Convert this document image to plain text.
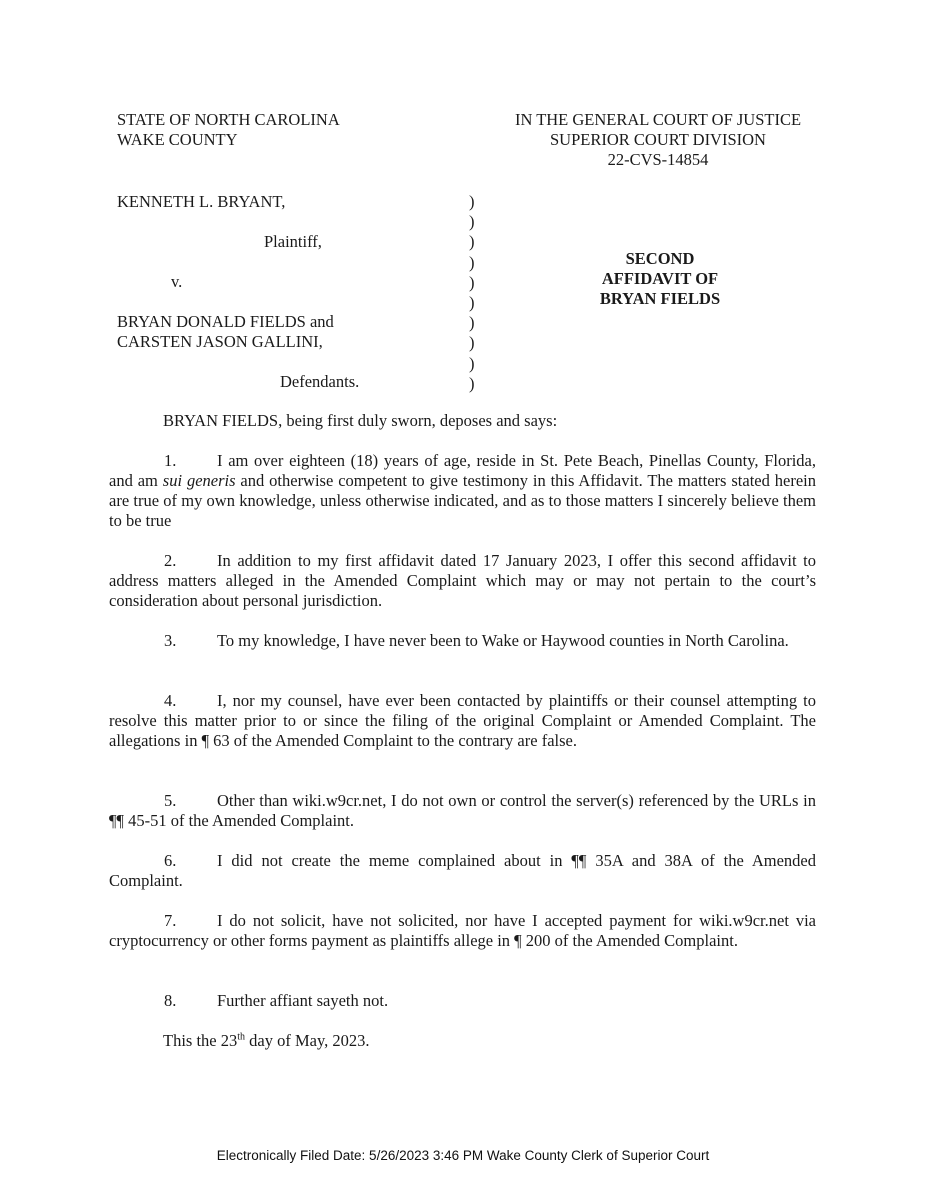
STATE OF NORTH CAROLINA
WAKE COUNTY
IN THE GENERAL COURT OF JUSTICE
SUPERIOR COURT DIVISION
22-CVS-14854
KENNETH L. BRYANT,
Plaintiff,
v.
BRYAN DONALD FIELDS and
CARSTEN JASON GALLINI,
Defendants.
)
)
)
)
)
)
)
)
)
)
SECOND
AFFIDAVIT OF
BRYAN FIELDS
BRYAN FIELDS, being first duly sworn, deposes and says:
1. I am over eighteen (18) years of age, reside in St. Pete Beach, Pinellas County, Florida, and am sui generis and otherwise competent to give testimony in this Affidavit. The matters stated herein are true of my own knowledge, unless otherwise indicated, and as to those matters I sincerely believe them to be true
2. In addition to my first affidavit dated 17 January 2023, I offer this second affidavit to address matters alleged in the Amended Complaint which may or may not pertain to the court’s consideration about personal jurisdiction.
3. To my knowledge, I have never been to Wake or Haywood counties in North Carolina.
4. I, nor my counsel, have ever been contacted by plaintiffs or their counsel attempting to resolve this matter prior to or since the filing of the original Complaint or Amended Complaint. The allegations in ¶ 63 of the Amended Complaint to the contrary are false.
5. Other than wiki.w9cr.net, I do not own or control the server(s) referenced by the URLs in ¶¶ 45-51 of the Amended Complaint.
6. I did not create the meme complained about in ¶¶ 35A and 38A of the Amended Complaint.
7. I do not solicit, have not solicited, nor have I accepted payment for wiki.w9cr.net via cryptocurrency or other forms payment as plaintiffs allege in ¶ 200 of the Amended Complaint.
8. Further affiant sayeth not.
This the 23th day of May, 2023.
Electronically Filed Date: 5/26/2023 3:46 PM Wake County Clerk of Superior Court
